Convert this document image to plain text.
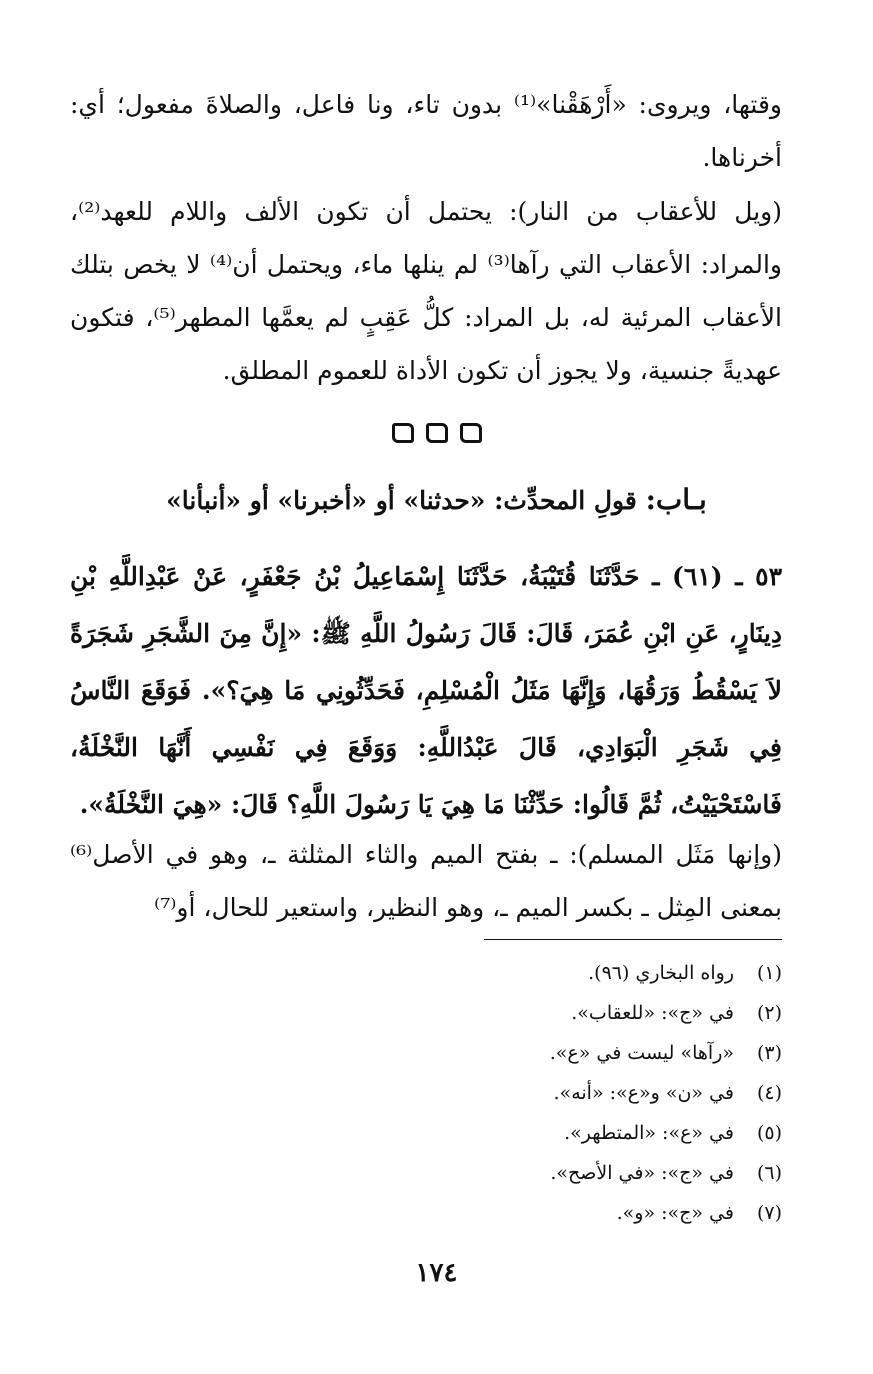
وقتها، ويروى: «أَرْهَقْنا»⁽¹⁾ بدون تاء، ونا فاعل، والصلاةَ مفعول؛ أي: أخرناها.

(ويل للأعقاب من النار): يحتمل أن تكون الألف واللام للعهد⁽²⁾، والمراد: الأعقاب التي رآها⁽³⁾ لم ينلها ماء، ويحتمل أن⁽⁴⁾ لا يخص بتلك الأعقاب المرئية له، بل المراد: كلُّ عَقِبٍ لم يعمَّها المطهر⁽⁵⁾، فتكون عهديةً جنسية، ولا يجوز أن تكون الأداة للعموم المطلق.

بـاب: قولِ المحدِّث: «حدثنا» أو «أخبرنا» أو «أنبأنا»

٥٣ ـ (٦١) ـ حَدَّثَنَا قُتَيْبَةُ، حَدَّثَنَا إِسْمَاعِيلُ بْنُ جَعْفَرٍ، عَنْ عَبْدِاللَّهِ بْنِ دِينَارٍ، عَنِ ابْنِ عُمَرَ، قَالَ: قَالَ رَسُولُ اللَّهِ ﷺ: «إِنَّ مِنَ الشَّجَرِ شَجَرَةً لاَ يَسْقُطُ وَرَقُهَا، وَإِنَّهَا مَثَلُ الْمُسْلِمِ، فَحَدِّثُونِي مَا هِيَ؟». فَوَقَعَ النَّاسُ فِي شَجَرِ الْبَوَادِي، قَالَ عَبْدُاللَّهِ: وَوَقَعَ فِي نَفْسِي أَنَّهَا النَّخْلَةُ، فَاسْتَحْيَيْتُ، ثُمَّ قَالُوا: حَدِّثْنَا مَا هِيَ يَا رَسُولَ اللَّهِ؟ قَالَ: «هِيَ النَّخْلَةُ».

(وإنها مَثَل المسلم): ـ بفتح الميم والثاء المثلثة ـ، وهو في الأصل⁽⁶⁾ بمعنى المِثل ـ بكسر الميم ـ، وهو النظير، واستعير للحال، أو⁽⁷⁾

(١)
رواه البخاري (٩٦).
(٢)
في «ج»: «للعقاب».
(٣)
«رآها» ليست في «ع».
(٤)
في «ن» و«ع»: «أنه».
(٥)
في «ع»: «المتطهر».
(٦)
في «ج»: «في الأصح».
(٧)
في «ج»: «و».
١٧٤
